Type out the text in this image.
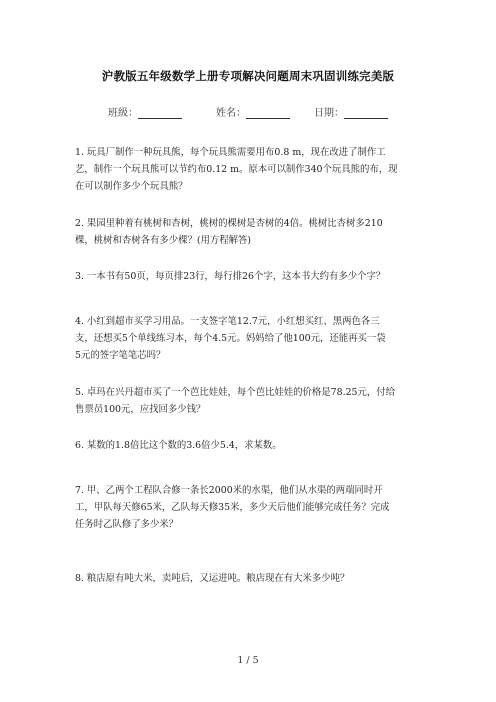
沪教版五年级数学上册专项解决问题周末巩固训练完美版
班级：	姓名：	日期：
1. 玩具厂制作一种玩具熊，每个玩具熊需要用布0.8 m，现在改进了制作工
艺，制作一个玩具熊可以节约布0.12 m。原本可以制作340个玩具熊的布，现
在可以制作多少个玩具熊？
2. 果园里种着有桃树和杏树，桃树的棵树是杏树的4倍。桃树比杏树多210
棵，桃树和杏树各有多少棵？(用方程解答)
3. 一本书有50页，每页排23行，每行排26个字，这本书大约有多少个字？
4. 小红到超市买学习用品。一支签字笔12.7元，小红想买红、黑两色各三
支，还想买5个单线练习本，每个4.5元。妈妈给了他100元，还能再买一袋
5元的签字笔笔芯吗？
5. 卓玛在兴丹超市买了一个芭比娃娃，每个芭比娃娃的价格是78.25元，付给
售票员100元，应找回多少钱？
6. 某数的1.8倍比这个数的3.6倍少5.4，求某数。
7. 甲、乙两个工程队合修一条长2000米的水渠，他们从水渠的两端同时开
工，甲队每天修65米，乙队每天修35米，多少天后他们能够完成任务？完成
任务时乙队修了多少米？
8. 粮店原有吨大米，卖吨后，又运进吨。粮店现在有大米多少吨？
1 / 5
